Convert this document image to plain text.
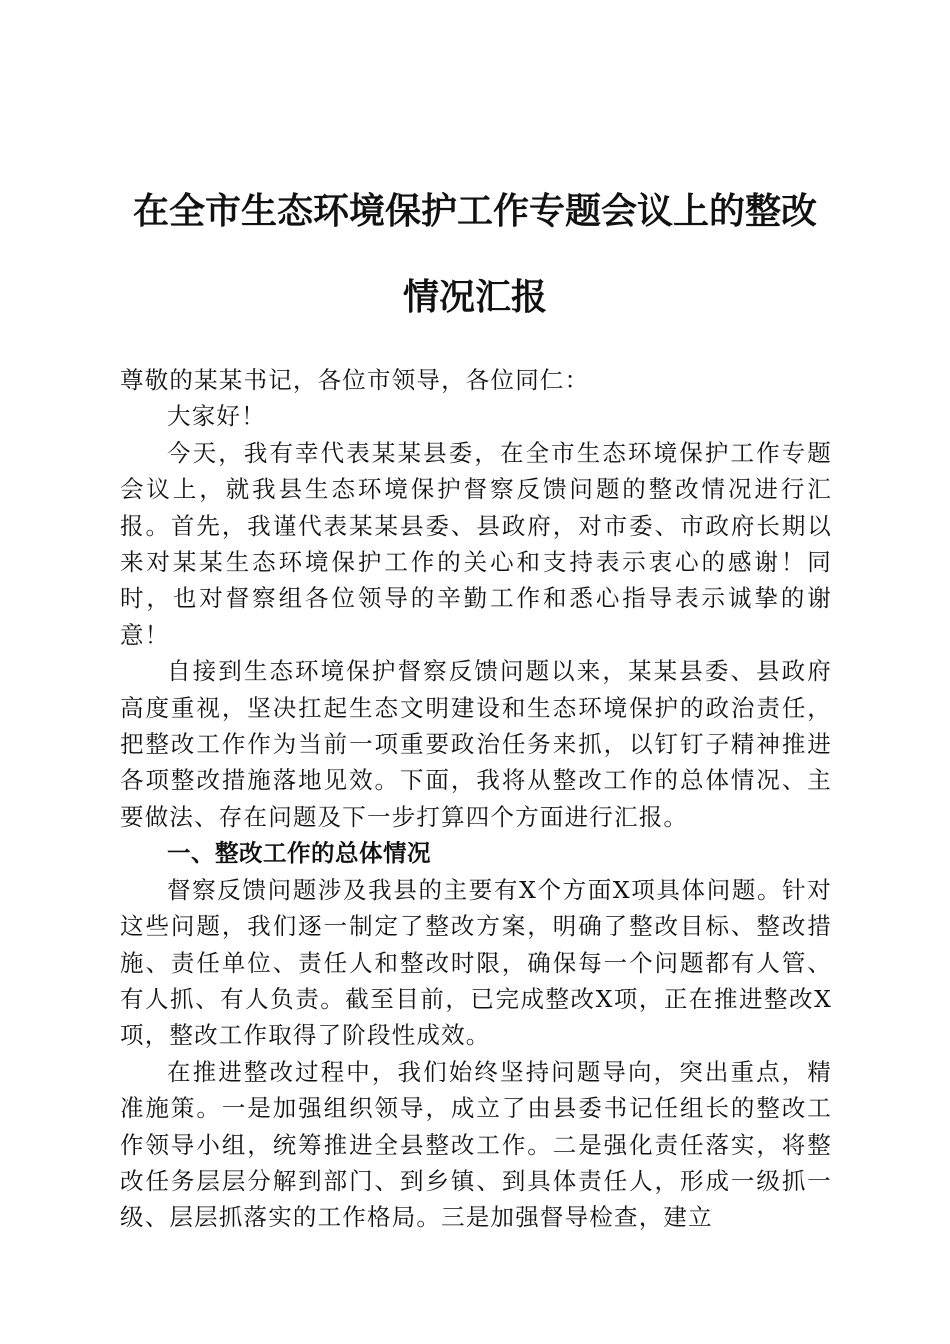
在全市生态环境保护工作专题会议上的整改情况汇报

尊敬的某某书记，各位市领导，各位同仁：

大家好！

今天，我有幸代表某某县委，在全市生态环境保护工作专题会议上，就我县生态环境保护督察反馈问题的整改情况进行汇报。首先，我谨代表某某县委、县政府，对市委、市政府长期以来对某某生态环境保护工作的关心和支持表示衷心的感谢！同时，也对督察组各位领导的辛勤工作和悉心指导表示诚挚的谢意！

自接到生态环境保护督察反馈问题以来，某某县委、县政府高度重视，坚决扛起生态文明建设和生态环境保护的政治责任，把整改工作作为当前一项重要政治任务来抓，以钉钉子精神推进各项整改措施落地见效。下面，我将从整改工作的总体情况、主要做法、存在问题及下一步打算四个方面进行汇报。

一、整改工作的总体情况

督察反馈问题涉及我县的主要有X个方面X项具体问题。针对这些问题，我们逐一制定了整改方案，明确了整改目标、整改措施、责任单位、责任人和整改时限，确保每一个问题都有人管、有人抓、有人负责。截至目前，已完成整改X项，正在推进整改X项，整改工作取得了阶段性成效。

在推进整改过程中，我们始终坚持问题导向，突出重点，精准施策。一是加强组织领导，成立了由县委书记任组长的整改工作领导小组，统筹推进全县整改工作。二是强化责任落实，将整改任务层层分解到部门、到乡镇、到具体责任人，形成一级抓一级、层层抓落实的工作格局。三是加强督导检查，建立
